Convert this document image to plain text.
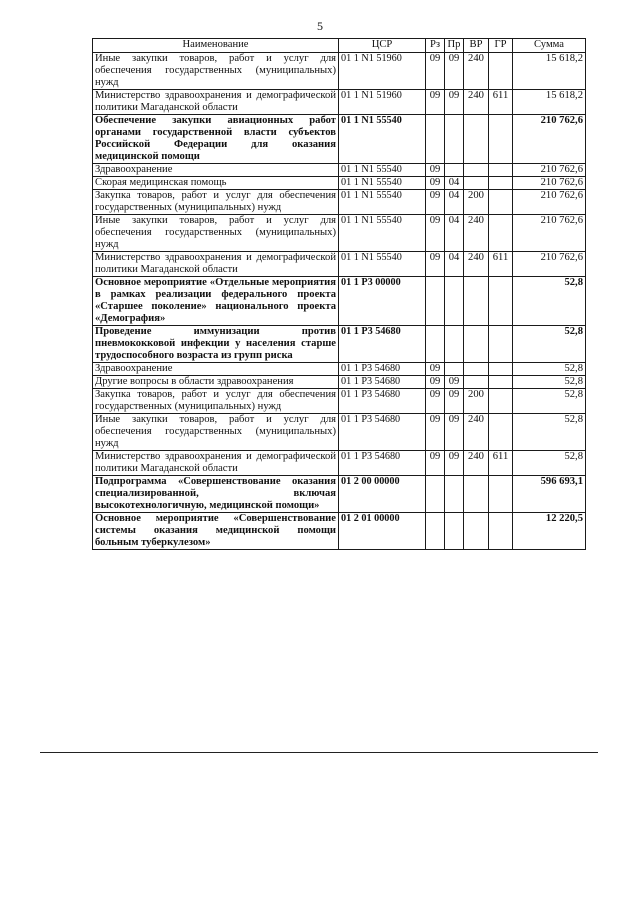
5
Наименование	ЦСР	Рз	Пр	ВР	ГР	Сумма
Иные закупки товаров, работ и услуг для обеспечения государственных (муниципальных) нужд	01 1 N1 51960	09	09	240		15 618,2
Министерство здравоохранения и демографической политики Магаданской области	01 1 N1 51960	09	09	240	611	15 618,2
Обеспечение закупки авиационных работ органами государственной власти субъектов Российской Федерации для оказания медицинской помощи	01 1 N1 55540					210 762,6
Здравоохранение	01 1 N1 55540	09				210 762,6
Скорая медицинская помощь	01 1 N1 55540	09	04			210 762,6
Закупка товаров, работ и услуг для обеспечения государственных (муниципальных) нужд	01 1 N1 55540	09	04	200		210 762,6
Иные закупки товаров, работ и услуг для обеспечения государственных (муниципальных) нужд	01 1 N1 55540	09	04	240		210 762,6
Министерство здравоохранения и демографической политики Магаданской области	01 1 N1 55540	09	04	240	611	210 762,6
Основное мероприятие «Отдельные мероприятия в рамках реализации федерального проекта «Старшее поколение» национального проекта «Демография»	01 1 P3 00000					52,8
Проведение иммунизации против пневмококковой инфекции у населения старше трудоспособного возраста из групп риска	01 1 P3 54680					52,8
Здравоохранение	01 1 P3 54680	09				52,8
Другие вопросы в области здравоохранения	01 1 P3 54680	09	09			52,8
Закупка товаров, работ и услуг для обеспечения государственных (муниципальных) нужд	01 1 P3 54680	09	09	200		52,8
Иные закупки товаров, работ и услуг для обеспечения государственных (муниципальных) нужд	01 1 P3 54680	09	09	240		52,8
Министерство здравоохранения и демографической политики Магаданской области	01 1 P3 54680	09	09	240	611	52,8
Подпрограмма «Совершенствование оказания специализированной, включая высокотехнологичную, медицинской помощи»	01 2 00 00000					596 693,1
Основное мероприятие «Совершенствование системы оказания медицинской помощи больным туберкулезом»	01 2 01 00000					12 220,5
